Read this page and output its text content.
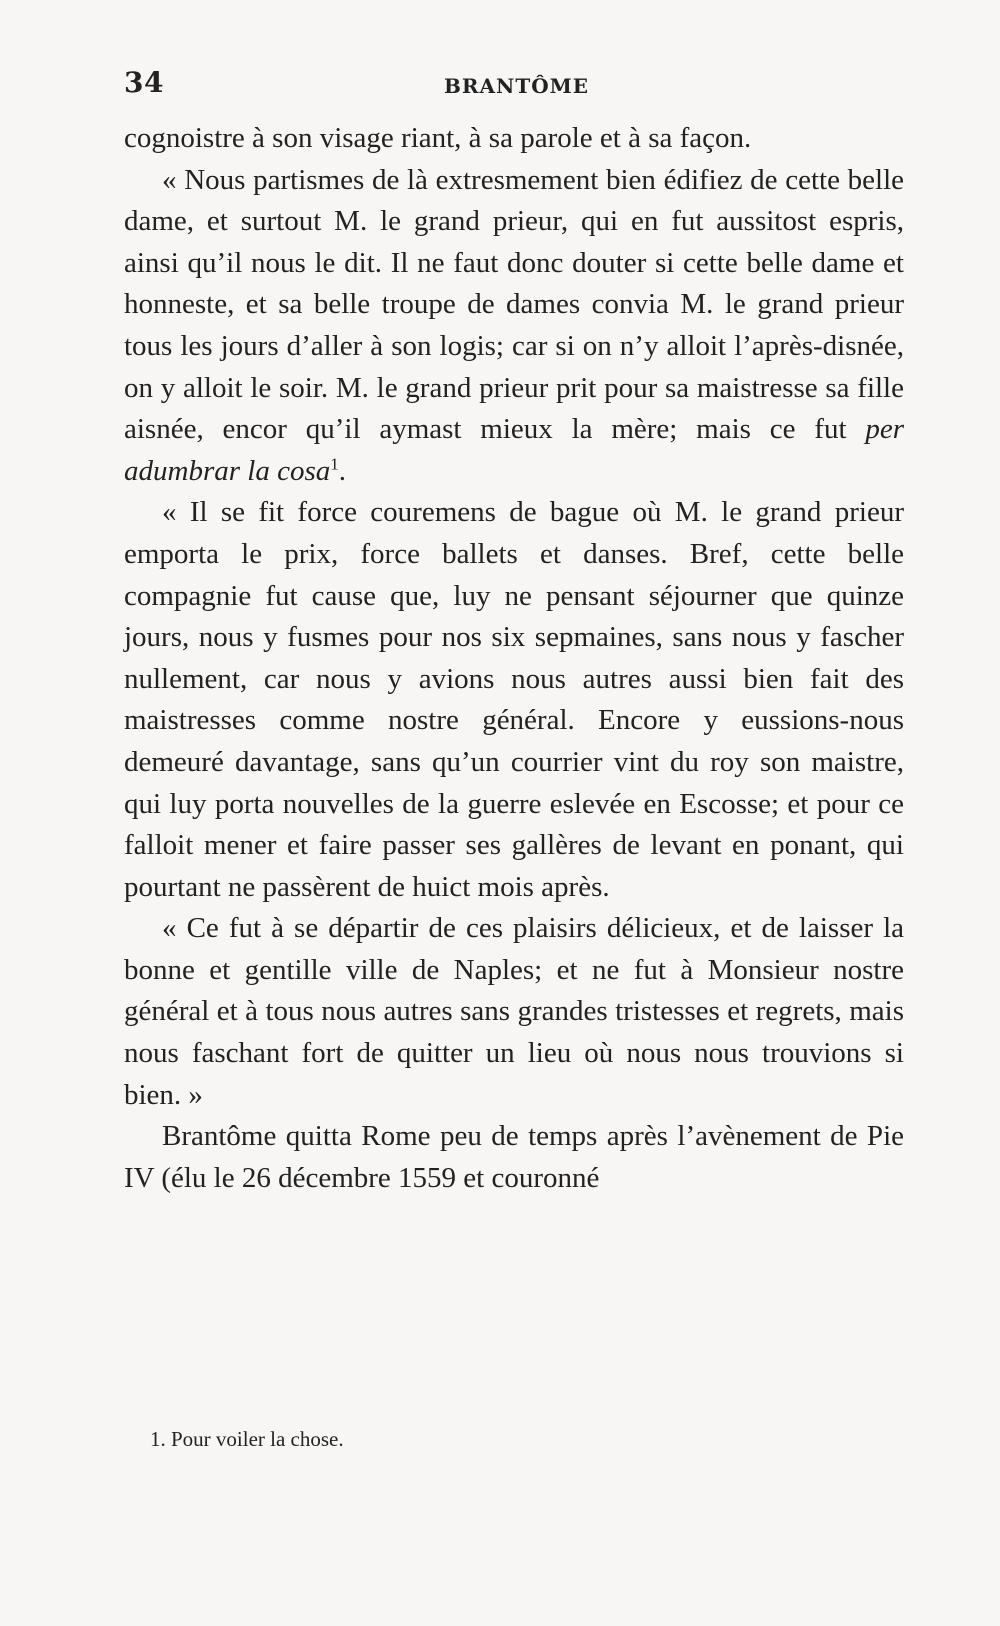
34	BRANTÔME

cognoistre à son visage riant, à sa parole et à sa façon.

« Nous partismes de là extresmement bien édifiez de cette belle dame, et surtout M. le grand prieur, qui en fut aussitost espris, ainsi qu’il nous le dit. Il ne faut donc douter si cette belle dame et honneste, et sa belle troupe de dames convia M. le grand prieur tous les jours d’aller à son logis; car si on n’y alloit l’après-disnée, on y alloit le soir. M. le grand prieur prit pour sa maistresse sa fille aisnée, encor qu’il aymast mieux la mère; mais ce fut per adumbrar la cosa$^1$.

« Il se fit force couremens de bague où M. le grand prieur emporta le prix, force ballets et danses. Bref, cette belle compagnie fut cause que, luy ne pensant séjourner que quinze jours, nous y fusmes pour nos six sepmaines, sans nous y fascher nullement, car nous y avions nous autres aussi bien fait des maistresses comme nostre général. Encore y eussions-nous demeuré davantage, sans qu’un courrier vint du roy son maistre, qui luy porta nouvelles de la guerre eslevée en Escosse; et pour ce falloit mener et faire passer ses gallères de levant en ponant, qui pourtant ne passèrent de huict mois après.

« Ce fut à se départir de ces plaisirs délicieux, et de laisser la bonne et gentille ville de Naples; et ne fut à Monsieur nostre général et à tous nous autres sans grandes tristesses et regrets, mais nous faschant fort de quitter un lieu où nous nous trouvions si bien. »

Brantôme quitta Rome peu de temps après l’avènement de Pie IV (élu le 26 décembre 1559 et couronné

1. Pour voiler la chose.
